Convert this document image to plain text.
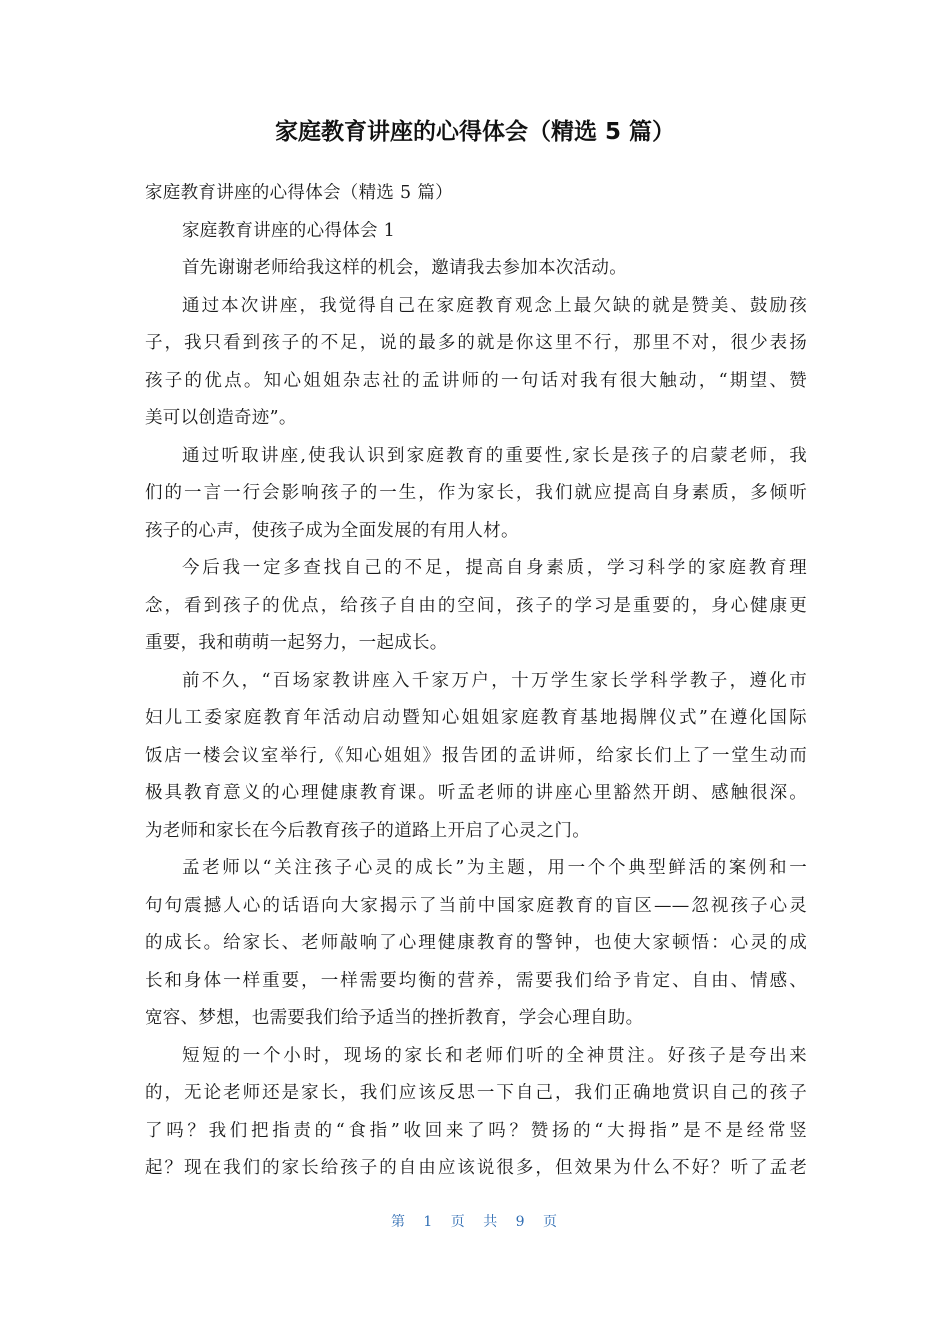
家庭教育讲座的心得体会（精选 5 篇）
家庭教育讲座的心得体会（精选 5 篇）
家庭教育讲座的心得体会 1
首先谢谢老师给我这样的机会，邀请我去参加本次活动。
通过本次讲座，我觉得自己在家庭教育观念上最欠缺的就是赞美、鼓励孩
子，我只看到孩子的不足，说的最多的就是你这里不行，那里不对，很少表扬
孩子的优点。知心姐姐杂志社的孟讲师的一句话对我有很大触动，“期望、赞
美可以创造奇迹”。
通过听取讲座,使我认识到家庭教育的重要性,家长是孩子的启蒙老师，我
们的一言一行会影响孩子的一生，作为家长，我们就应提高自身素质，多倾听
孩子的心声，使孩子成为全面发展的有用人材。
今后我一定多查找自己的不足，提高自身素质，学习科学的家庭教育理
念，看到孩子的优点，给孩子自由的空间，孩子的学习是重要的，身心健康更
重要，我和萌萌一起努力，一起成长。
前不久，“百场家教讲座入千家万户，十万学生家长学科学教子，遵化市
妇儿工委家庭教育年活动启动暨知心姐姐家庭教育基地揭牌仪式”在遵化国际
饭店一楼会议室举行,《知心姐姐》报告团的孟讲师，给家长们上了一堂生动而
极具教育意义的心理健康教育课。听孟老师的讲座心里豁然开朗、感触很深。
为老师和家长在今后教育孩子的道路上开启了心灵之门。
孟老师以“关注孩子心灵的成长”为主题，用一个个典型鲜活的案例和一
句句震撼人心的话语向大家揭示了当前中国家庭教育的盲区——忽视孩子心灵
的成长。给家长、老师敲响了心理健康教育的警钟，也使大家顿悟：心灵的成
长和身体一样重要，一样需要均衡的营养，需要我们给予肯定、自由、情感、
宽容、梦想，也需要我们给予适当的挫折教育，学会心理自助。
短短的一个小时，现场的家长和老师们听的全神贯注。好孩子是夸出来
的，无论老师还是家长，我们应该反思一下自己，我们正确地赏识自己的孩子
了吗？我们把指责的“食指”收回来了吗？赞扬的“大拇指”是不是经常竖
起？现在我们的家长给孩子的自由应该说很多，但效果为什么不好？听了孟老
第 1 页 共 9 页
